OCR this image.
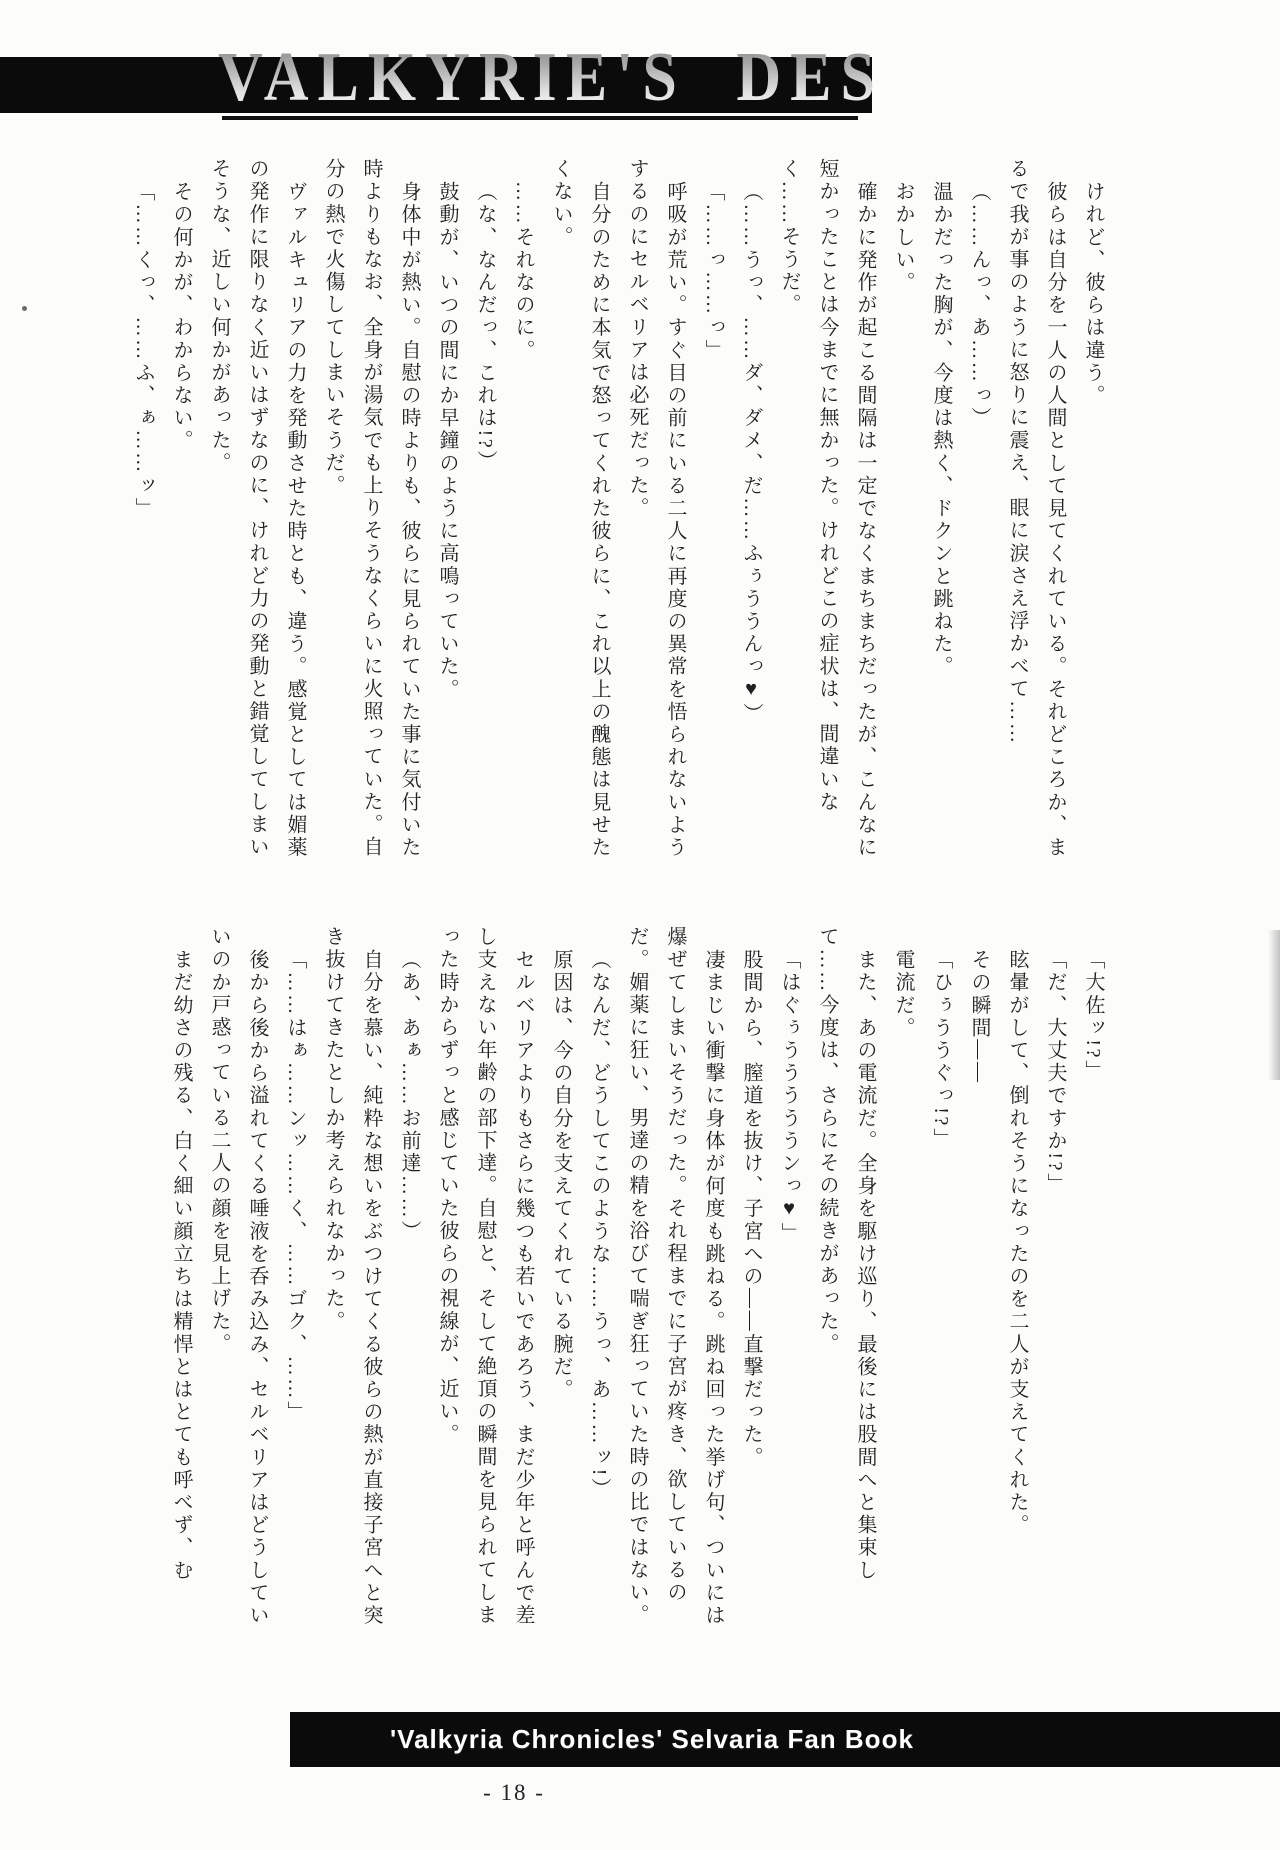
VALKYRIE'S DESIRE

けれど、彼らは違う。

彼らは自分を一人の人間として見てくれている。それどころか、まるで我が事のように怒りに震え、眼に涙さえ浮かべて……

（……んっ、あ……っ）

温かだった胸が、今度は熱く、ドクンと跳ねた。

おかしい。

確かに発作が起こる間隔は一定でなくまちまちだったが、こんなに短かったことは今までに無かった。けれどこの症状は、間違いなく……そうだ。

（……うっ、……ダ、ダメ、だ……ふぅううんっ♥）

「……っ……っ」

呼吸が荒い。すぐ目の前にいる二人に再度の異常を悟られないようするのにセルベリアは必死だった。

自分のために本気で怒ってくれた彼らに、これ以上の醜態は見せたくない。

……それなのに。

（な、なんだっ、これは!?）

鼓動が、いつの間にか早鐘のように高鳴っていた。

身体中が熱い。自慰の時よりも、彼らに見られていた事に気付いた時よりもなお、全身が湯気でも上りそうなくらいに火照っていた。自分の熱で火傷してしまいそうだ。

ヴァルキュリアの力を発動させた時とも、違う。感覚としては媚薬の発作に限りなく近いはずなのに、けれど力の発動と錯覚してしまいそうな、近しい何かがあった。

その何かが、わからない。

「……くっ、……ふ、ぁ……ッ」

「大佐ッ!?」

「だ、大丈夫ですか!?」

眩暈がして、倒れそうになったのを二人が支えてくれた。

その瞬間――

「ひぅううぐっ!?」

電流だ。

また、あの電流だ。全身を駆け巡り、最後には股間へと集束して……今度は、さらにその続きがあった。

「はぐぅうううううンっ♥」

股間から、膣道を抜け、子宮への――直撃だった。

凄まじい衝撃に身体が何度も跳ねる。跳ね回った挙げ句、ついには爆ぜてしまいそうだった。それ程までに子宮が疼き、欲しているのだ。媚薬に狂い、男達の精を浴びて喘ぎ狂っていた時の比ではない。

（なんだ、どうしてこのような……うっ、あ……ッ!）

原因は、今の自分を支えてくれている腕だ。

セルベリアよりもさらに幾つも若いであろう、まだ少年と呼んで差し支えない年齢の部下達。自慰と、そして絶頂の瞬間を見られてしまった時からずっと感じていた彼らの視線が、近い。

（あ、あぁ……お前達……）

自分を慕い、純粋な想いをぶつけてくる彼らの熱が直接子宮へと突き抜けてきたとしか考えられなかった。

「……はぁ……ンッ……く、……ゴク、……」

後から後から溢れてくる唾液を呑み込み、セルベリアはどうしていいのか戸惑っている二人の顔を見上げた。

まだ幼さの残る、白く細い顔立ちは精悍とはとても呼べず、む

'Valkyria Chronicles' Selvaria Fan Book
- 18 -
